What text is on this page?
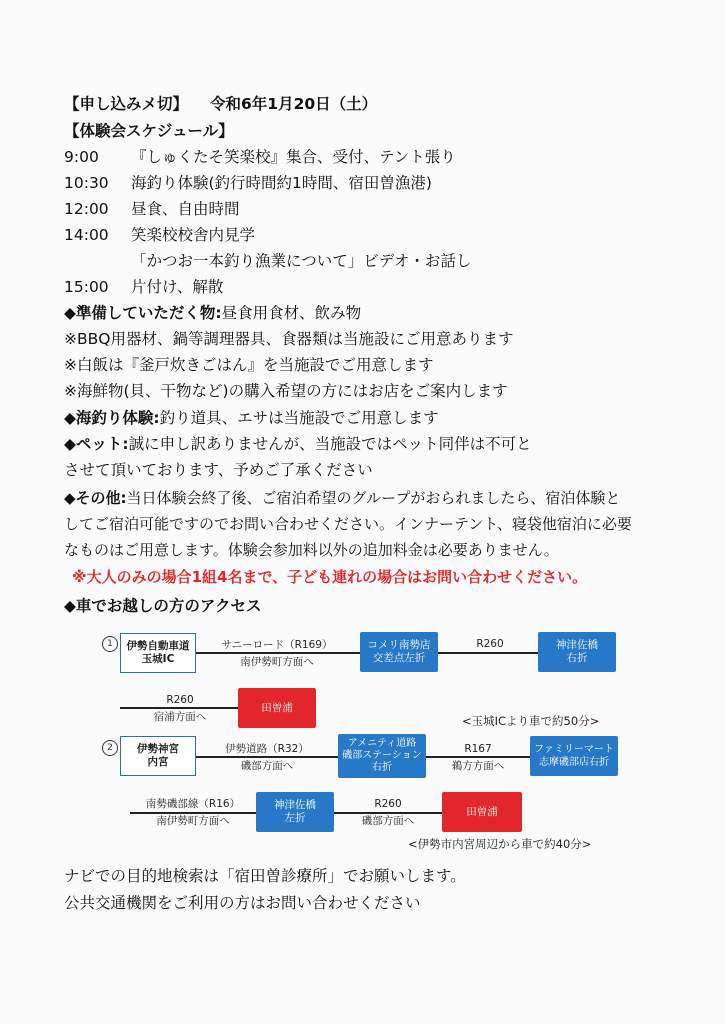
【申し込みメ切】 令和6年1月20日（土）
【体験会スケジュール】
9:00 『しゅくたそ笑楽校』集合、受付、テント張り
10:30 海釣り体験(釣行時間約1時間、宿田曽漁港)
12:00 昼食、自由時間
14:00 笑楽校校舎内見学
「かつお一本釣り漁業について」ビデオ・お話し
15:00 片付け、解散
◆準備していただく物:昼食用食材、飲み物
※BBQ用器材、鍋等調理器具、食器類は当施設にご用意あります
※白飯は『釜戸炊きごはん』を当施設でご用意します
※海鮮物(貝、干物など)の購入希望の方にはお店をご案内します
◆海釣り体験:釣り道具、エサは当施設でご用意します
◆ペット:誠に申し訳ありませんが、当施設ではペット同伴は不可と
させて頂いております、予めご了承ください
◆その他:当日体験会終了後、ご宿泊希望のグループがおられましたら、宿泊体験と
してご宿泊可能ですのでお問い合わせください。インナーテント、寝袋他宿泊に必要
なものはご用意します。体験会参加料以外の追加料金は必要ありません。
※大人のみの場合1組4名まで、子ども連れの場合はお問い合わせください。
◆車でお越しの方のアクセス
1	伊勢自動車道
玉城IC
サニーロード（R169）
南伊勢町方面へ
コメリ南勢店
交差点左折
R260	神津佐橋
右折
R260
宿浦方面へ
田曽浦
<玉城ICより車で約50分>
2	伊勢神宮
内宮
伊勢道路（R32）
磯部方面へ
アメニティ道路
磯部ステーション
右折
R167
鵜方方面へ
ファミリーマート
志摩磯部店右折
南勢磯部線（R16）
南伊勢町方面へ
神津佐橋
左折
R260
磯部方面へ
田曽浦
<伊勢市内宮周辺から車で約40分>
ナビでの目的地検索は「宿田曽診療所」でお願いします。
公共交通機関をご利用の方はお問い合わせください
